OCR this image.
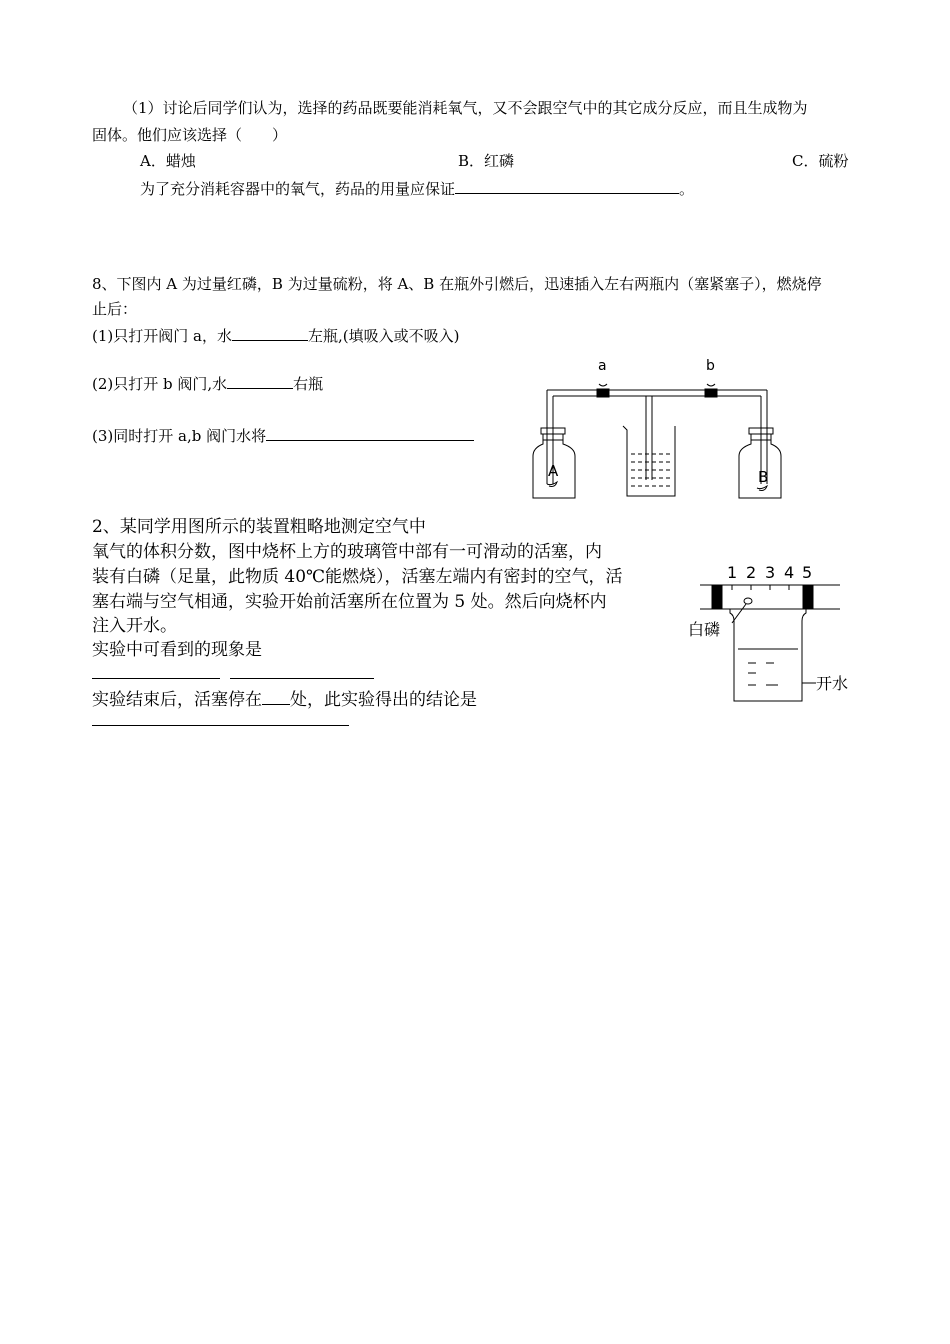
（1）讨论后同学们认为，选择的药品既要能消耗氧气，又不会跟空气中的其它成分反应，而且生成物为
固体。他们应该选择（　　）
A．蜡烛	B．红磷	C．硫粉
为了充分消耗容器中的氧气，药品的用量应保证	。
8、下图内 A 为过量红磷，B 为过量硫粉，将 A、B 在瓶外引燃后，迅速插入左右两瓶内（塞紧塞子），燃烧停
止后：
(1)只打开阀门 a，水	左瓶,(填吸入或不吸入)
(2)只打开 b 阀门,水	右瓶
(3)同时打开 a,b 阀门水将
a	b
A	B
2、某同学用图所示的装置粗略地测定空气中
氧气的体积分数，图中烧杯上方的玻璃管中部有一可滑动的活塞，内
装有白磷（足量，此物质 40℃能燃烧），活塞左端内有密封的空气，活
塞右端与空气相通，实验开始前活塞所在位置为 5 处。然后向烧杯内
注入开水。
实验中可看到的现象是
实验结束后，活塞停在 处，此实验得出的结论是
1 2 3 4 5
白磷
开水
